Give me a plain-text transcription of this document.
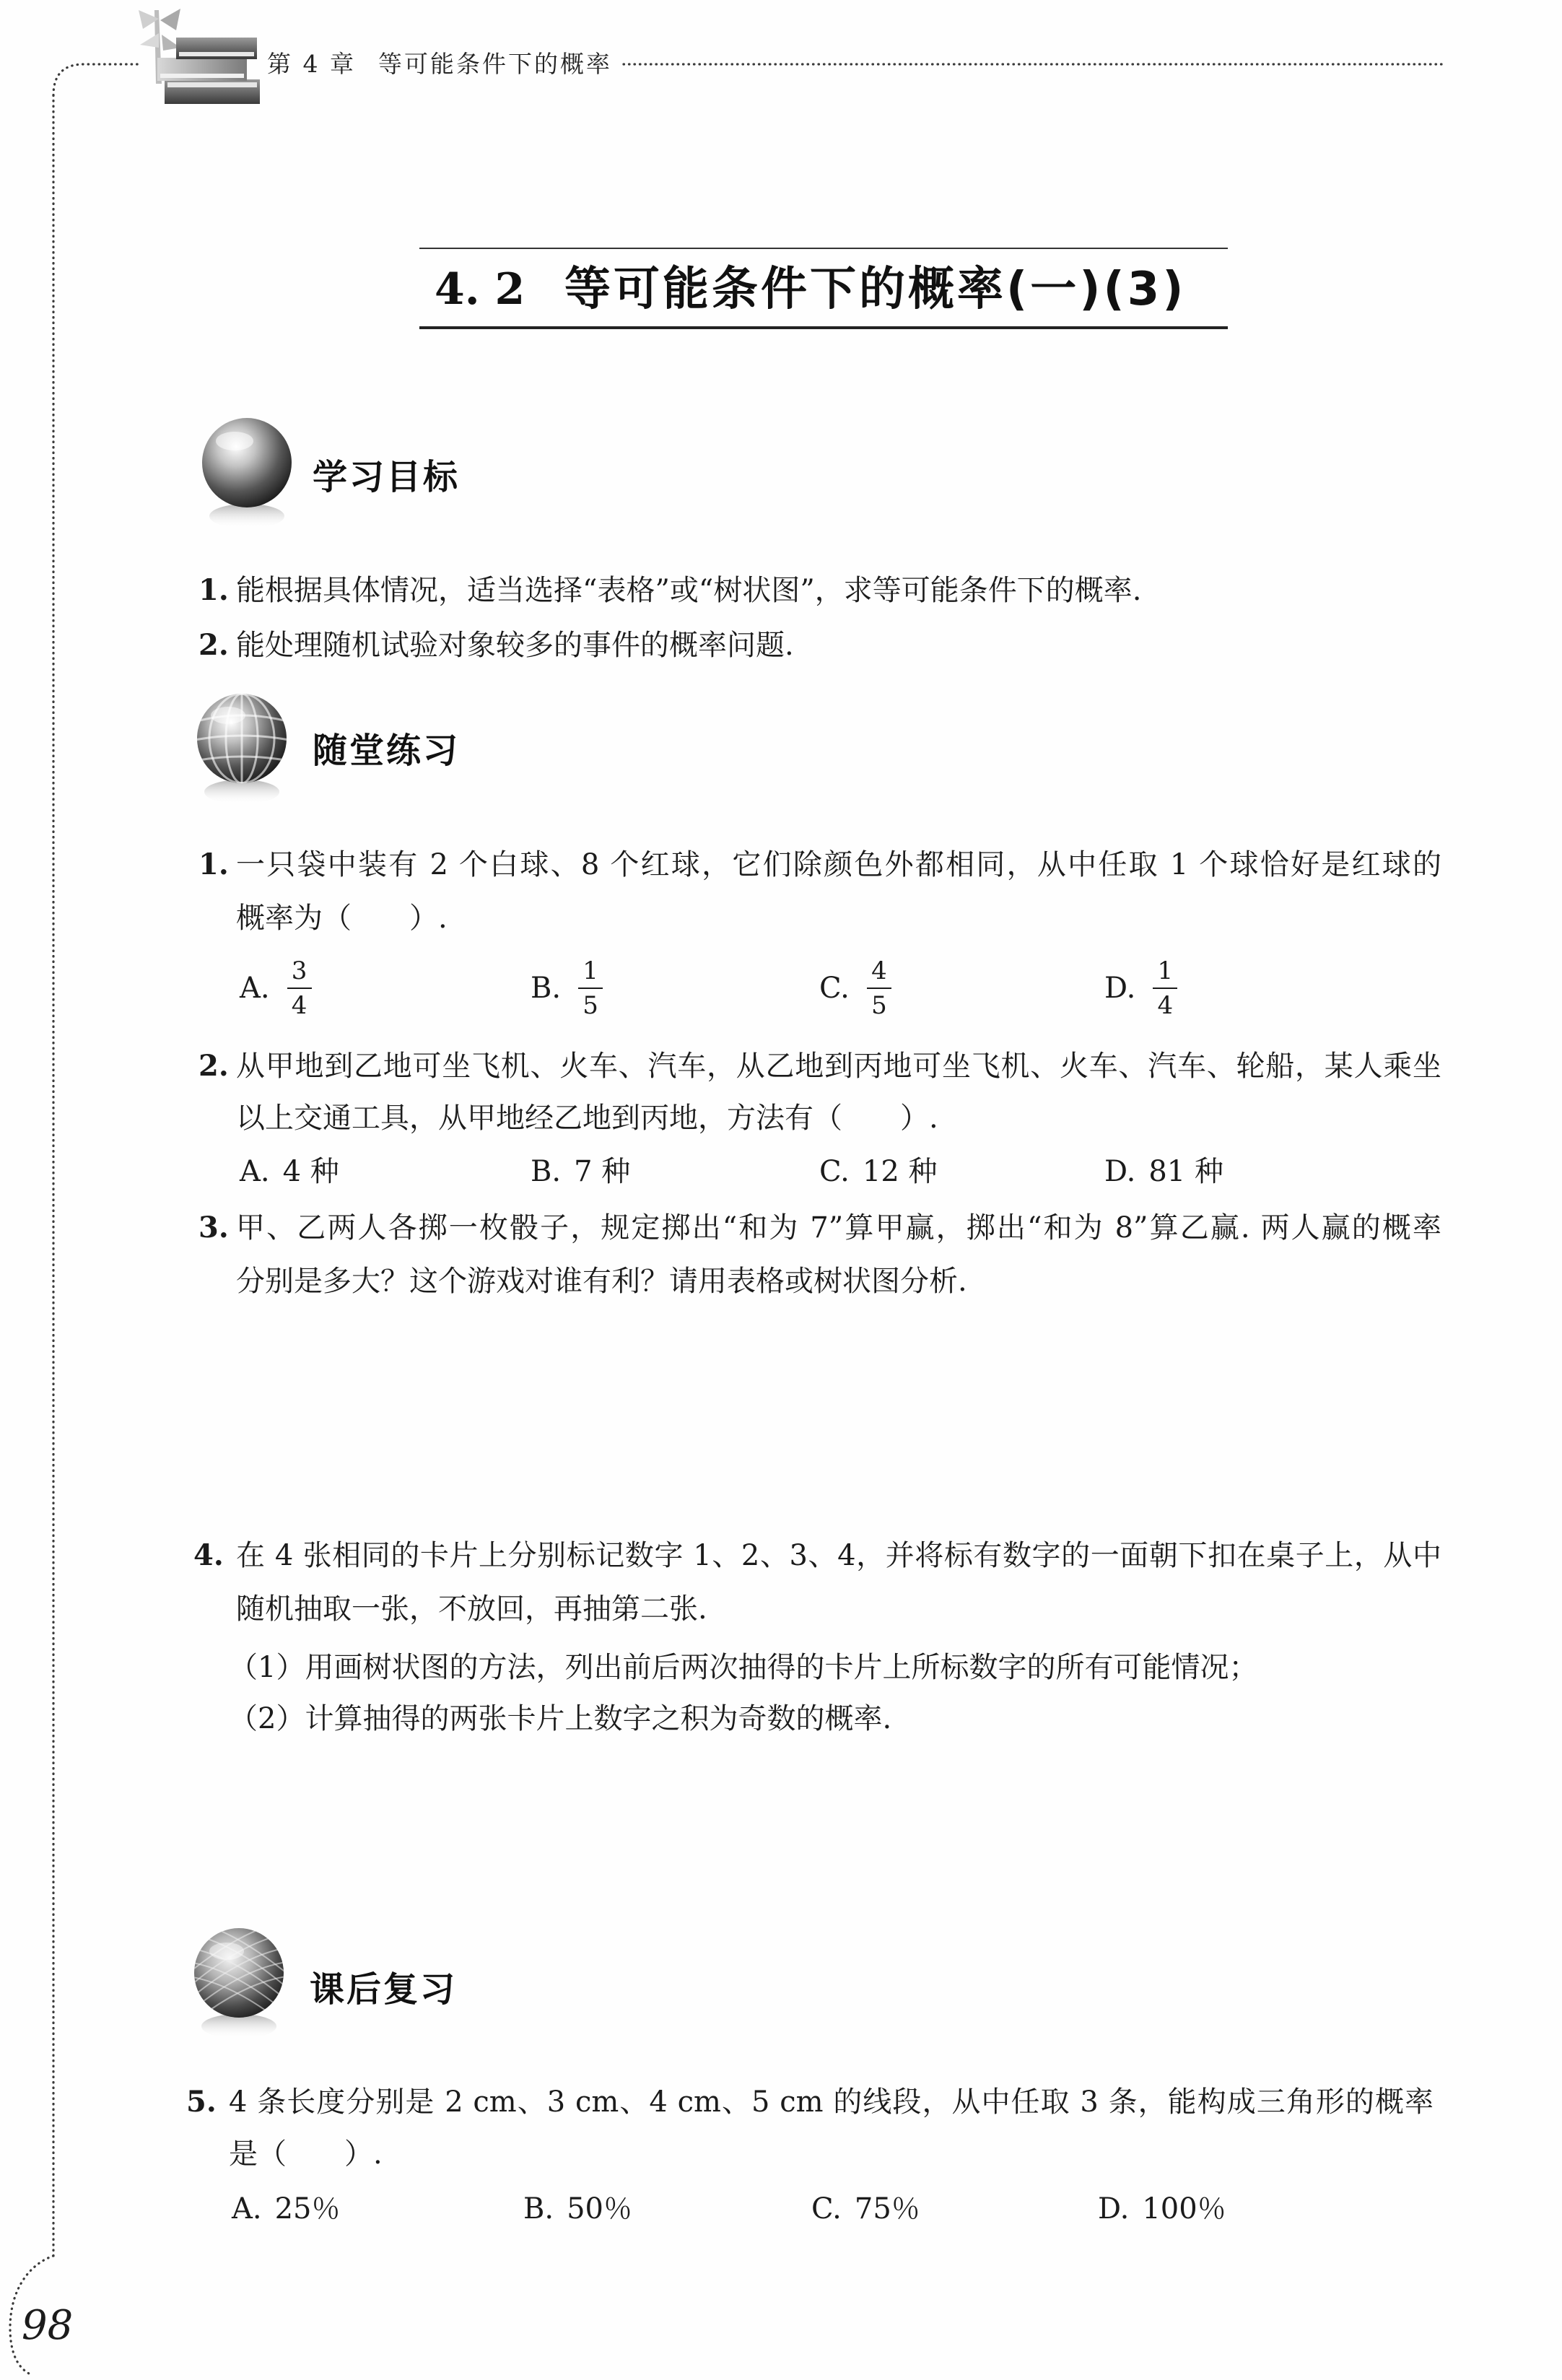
第 4 章 等可能条件下的概率
4. 2 等可能条件下的概率(一)(3)
学习目标
1. 能根据具体情况，适当选择“表格”或“树状图”，求等可能条件下的概率.
2. 能处理随机试验对象较多的事件的概率问题.
随堂练习
1. 一只袋中装有 2 个白球、8 个红球，它们除颜色外都相同，从中任取 1 个球恰好是红球的
概率为（　　）.
A. $\frac{3}{4}$	B. $\frac{1}{5}$	C. $\frac{4}{5}$	D. $\frac{1}{4}$
2. 从甲地到乙地可坐飞机、火车、汽车，从乙地到丙地可坐飞机、火车、汽车、轮船，某人乘坐
以上交通工具，从甲地经乙地到丙地，方法有（　　）.
A. 4 种	B. 7 种	C. 12 种	D. 81 种
3. 甲、乙两人各掷一枚骰子，规定掷出“和为 7”算甲赢，掷出“和为 8”算乙赢. 两人赢的概率
分别是多大？这个游戏对谁有利？请用表格或树状图分析.
4. 在 4 张相同的卡片上分别标记数字 1、2、3、4，并将标有数字的一面朝下扣在桌子上，从中
随机抽取一张，不放回，再抽第二张.
（1）用画树状图的方法，列出前后两次抽得的卡片上所标数字的所有可能情况；
（2）计算抽得的两张卡片上数字之积为奇数的概率.
课后复习
5. 4 条长度分别是 2 cm、3 cm、4 cm、5 cm 的线段，从中任取 3 条，能构成三角形的概率
是（　　）.
A. 25％	B. 50％	C. 75％	D. 100％
98
